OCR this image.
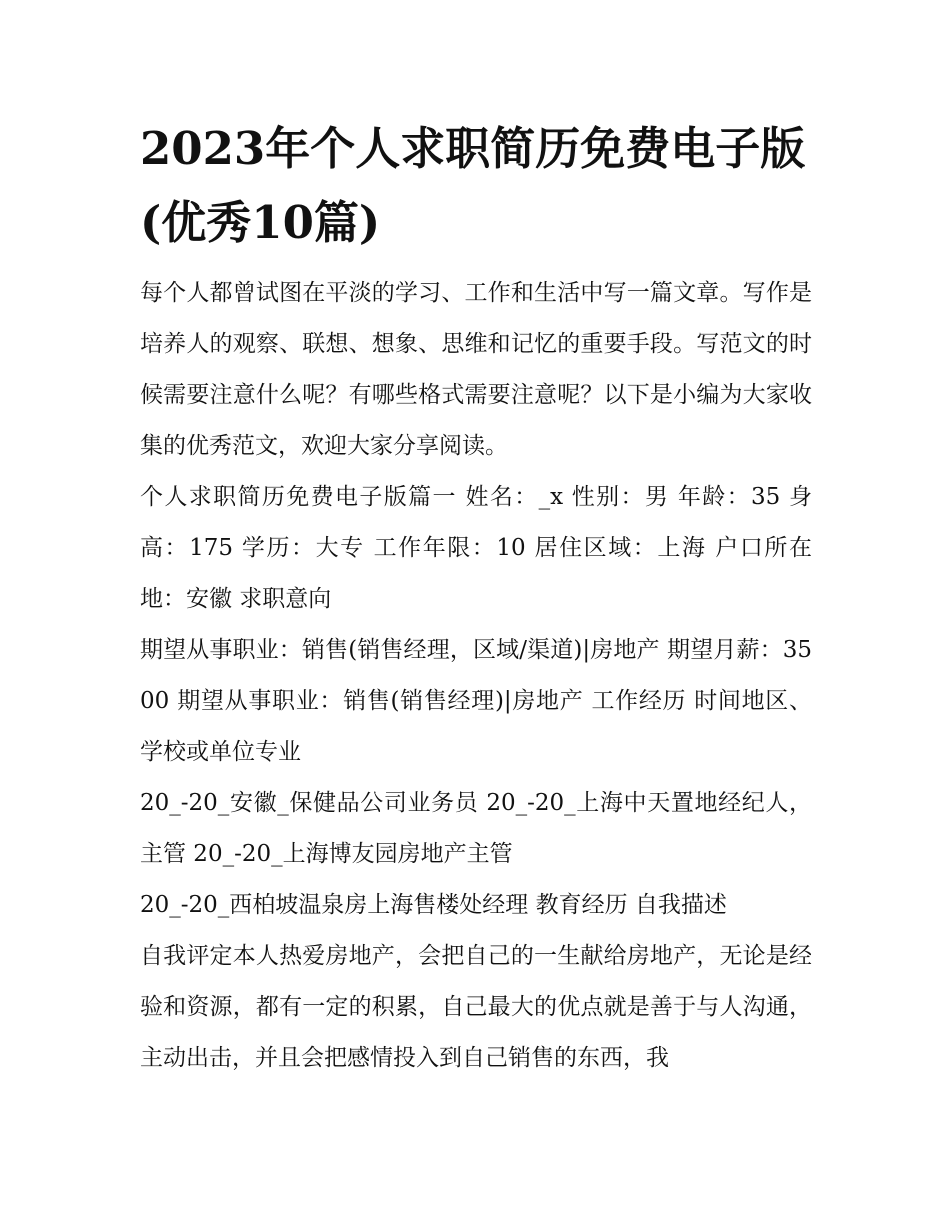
2023年个人求职简历免费电子版(优秀10篇)

每个人都曾试图在平淡的学习、工作和生活中写一篇文章。写作是培养人的观察、联想、想象、思维和记忆的重要手段。写范文的时候需要注意什么呢？有哪些格式需要注意呢？以下是小编为大家收集的优秀范文，欢迎大家分享阅读。

个人求职简历免费电子版篇一 姓名：_x 性别：男 年龄：35 身高：175 学历：大专 工作年限：10 居住区域：上海 户口所在地：安徽 求职意向

期望从事职业：销售(销售经理，区域/渠道)|房地产 期望月薪：3500 期望从事职业：销售(销售经理)|房地产 工作经历 时间地区、学校或单位专业

20_-20_安徽_保健品公司业务员 20_-20_上海中天置地经纪人，主管 20_-20_上海博友园房地产主管

20_-20_西柏坡温泉房上海售楼处经理 教育经历 自我描述

自我评定本人热爱房地产，会把自己的一生献给房地产，无论是经验和资源，都有一定的积累，自己最大的优点就是善于与人沟通，主动出击，并且会把感情投入到自己销售的东西，我
